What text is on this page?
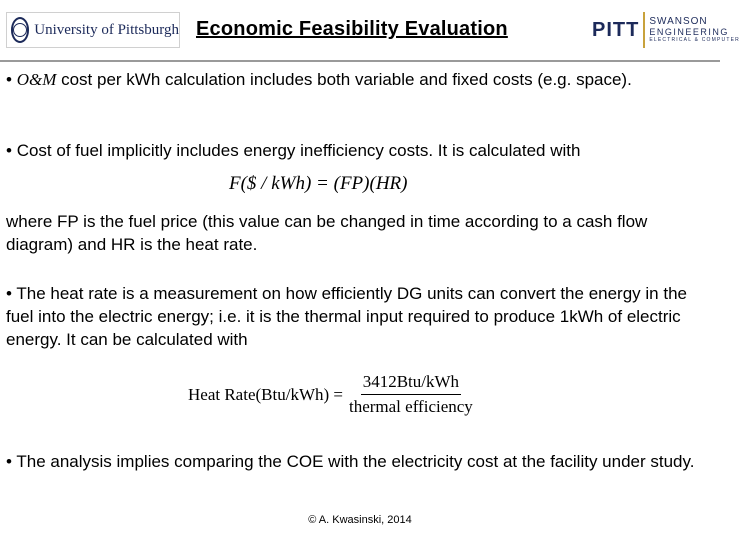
University of Pittsburgh Economic Feasibility Evaluation	PITT	SWANSON
ENGINEERING
ELECTRICAL & COMPUTER
• O&M cost per kWh calculation includes both variable and fixed costs (e.g. space).
• Cost of fuel implicitly includes energy inefficiency costs. It is calculated with
F($ / kWh) = (FP)(HR)
where FP is the fuel price (this value can be changed in time according to a cash flow diagram) and HR is the heat rate.
• The heat rate is a measurement on how efficiently DG units can convert the energy in the fuel into the electric energy; i.e. it is the thermal input required to produce 1kWh of electric energy. It can be calculated with
Heat Rate(Btu/kWh) = $\frac{\text{3412Btu/kWh}}{\text{thermal efficiency}}$
• The analysis implies comparing the COE with the electricity cost at the facility under study.
© A. Kwasinski, 2014
